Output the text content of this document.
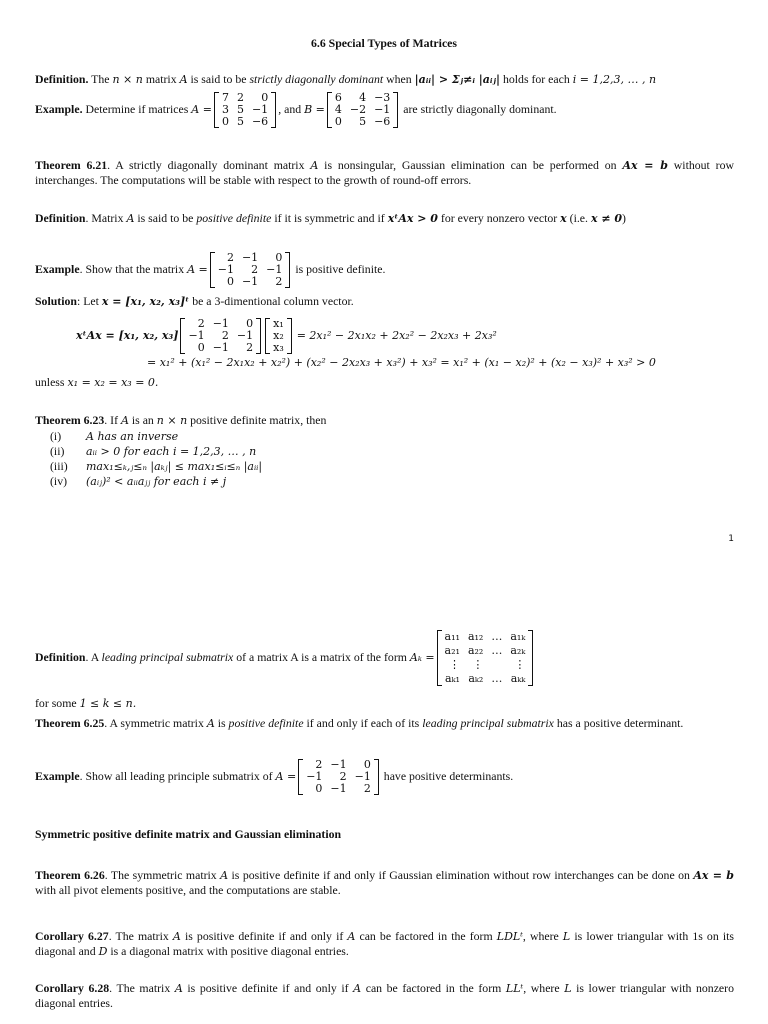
6.6 Special Types of Matrices
Definition. The n × n matrix A is said to be strictly diagonally dominant when |aᵢᵢ| > Σⱼ≠ᵢ |aᵢⱼ| holds for each i = 1,2,3, … , n
Example. Determine if matrices A =
7 2	0
3 5 −1
0 5 −6
, and B =
6	4 −3
4 −2 −1
0	5 −6
are strictly diagonally dominant.
Theorem 6.21. A strictly diagonally dominant matrix A is nonsingular, Gaussian elimination can be performed on Ax = b without row interchanges. The computations will be stable with respect to the growth of round-off errors.
Definition. Matrix A is said to be positive definite if it is symmetric and if xᵗAx > 0 for every nonzero vector x (i.e. x ≠ 0)
Example. Show that the matrix A =
2 −1	0
−1	2 −1
0 −1	2
is positive definite.
Solution: Let x = [x₁, x₂, x₃]ᵗ be a 3-dimentional column vector.
xᵗAx = [x₁, x₂, x₃]
2 −1	0
−1	2 −1
0 −1	2
x₁
x₂
x₃
= 2x₁² − 2x₁x₂ + 2x₂² − 2x₂x₃ + 2x₃²
= x₁² + (x₁² − 2x₁x₂ + x₂²) + (x₂² − 2x₂x₃ + x₃²) + x₃² = x₁² + (x₁ − x₂)² + (x₂ − x₃)² + x₃² > 0
unless x₁ = x₂ = x₃ = 0.
Theorem 6.23. If A is an n × n positive definite matrix, then
(i) A has an inverse
(ii) aᵢᵢ > 0 for each i = 1,2,3, … , n
(iii) max₁≤ₖ,ⱼ≤ₙ |aₖⱼ| ≤ max₁≤ᵢ≤ₙ |aᵢᵢ|
(iv) (aᵢⱼ)² < aᵢᵢaⱼⱼ for each i ≠ j
1
Definition. A leading principal submatrix of a matrix A is a matrix of the form Aₖ =
a₁₁ a₁₂ … a₁ₖ
a₂₁ a₂₂ … a₂ₖ
⋮	⋮	⋮
aₖ₁ aₖ₂ … aₖₖ
for some 1 ≤ k ≤ n.
Theorem 6.25. A symmetric matrix A is positive definite if and only if each of its leading principal submatrix has a positive determinant.
Example. Show all leading principle submatrix of A =
2 −1	0
−1	2 −1
0 −1	2
have positive determinants.
Symmetric positive definite matrix and Gaussian elimination
Theorem 6.26. The symmetric matrix A is positive definite if and only if Gaussian elimination without row interchanges can be done on Ax = b with all pivot elements positive, and the computations are stable.
Corollary 6.27. The matrix A is positive definite if and only if A can be factored in the form LDLᵗ, where L is lower triangular with 1s on its diagonal and D is a diagonal matrix with positive diagonal entries.
Corollary 6.28. The matrix A is positive definite if and only if A can be factored in the form LLᵗ, where L is lower triangular with nonzero diagonal entries.
